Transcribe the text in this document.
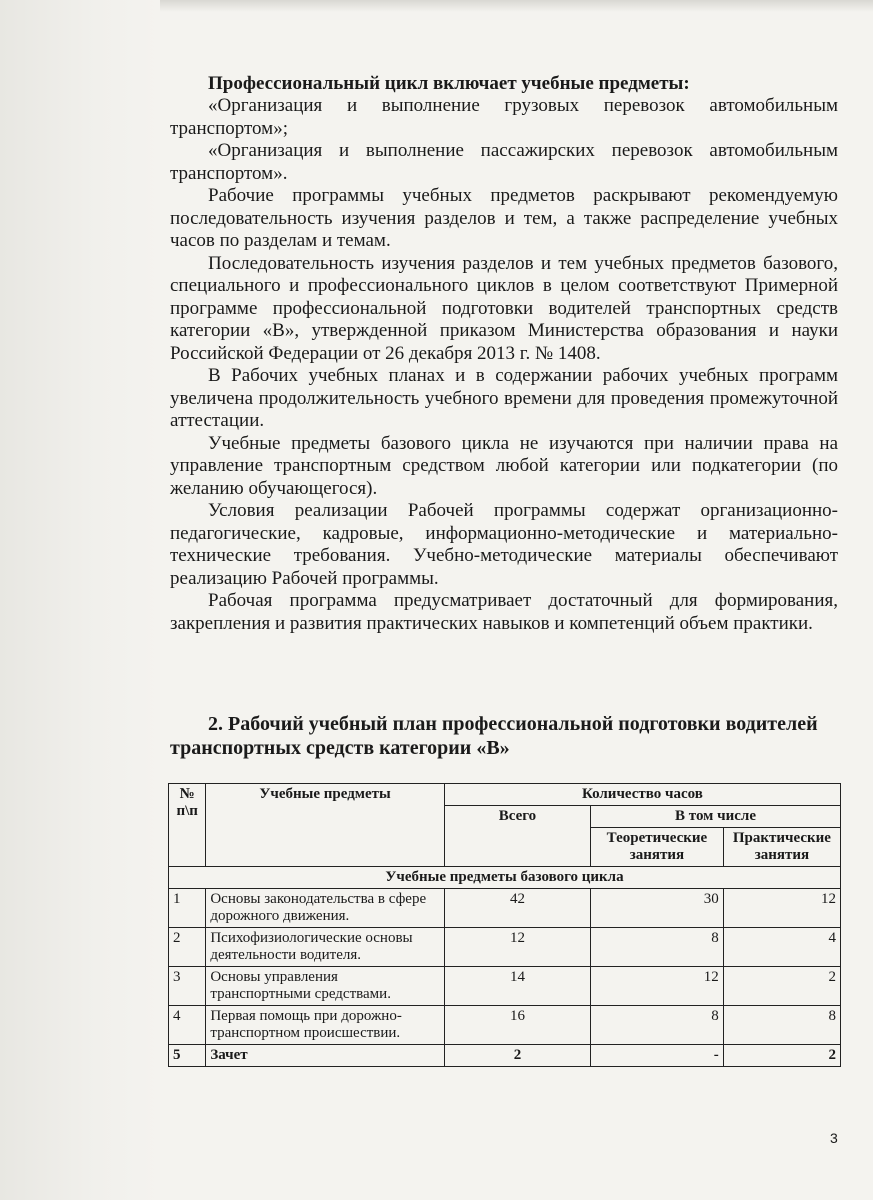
Профессиональный цикл включает учебные предметы:

«Организация и выполнение грузовых перевозок автомобильным транспортом»;

«Организация и выполнение пассажирских перевозок автомобильным транспортом».

Рабочие программы учебных предметов раскрывают рекомендуемую последовательность изучения разделов и тем, а также распределение учебных часов по разделам и темам.

Последовательность изучения разделов и тем учебных предметов базового, специального и профессионального циклов в целом соответствуют Примерной программе профессиональной подготовки водителей транспортных средств категории «В», утвержденной приказом Министерства образования и науки Российской Федерации от 26 декабря 2013 г. № 1408.

В Рабочих учебных планах и в содержании рабочих учебных программ увеличена продолжительность учебного времени для проведения промежуточной аттестации.

Учебные предметы базового цикла не изучаются при наличии права на управление транспортным средством любой категории или подкатегории (по желанию обучающегося).

Условия реализации Рабочей программы содержат организационно-педагогические, кадровые, информационно-методические и материально-технические требования. Учебно-методические материалы обеспечивают реализацию Рабочей программы.

Рабочая программа предусматривает достаточный для формирования, закрепления и развития практических навыков и компетенций объем практики.

2. Рабочий учебный план профессиональной подготовки водителей транспортных средств категории «В»

№ п\п	Учебные предметы	Количество часов		
		Всего	В том числе	
			Теоретические занятия	Практические занятия
Учебные предметы базового цикла				
1	Основы законодательства в сфере дорожного движения.	42	30	12
2	Психофизиологические основы деятельности водителя.	12	8	4
3	Основы управления транспортными средствами.	14	12	2
4	Первая помощь при дорожно-транспортном происшествии.	16	8	8
5	Зачет	2	-	2
3
